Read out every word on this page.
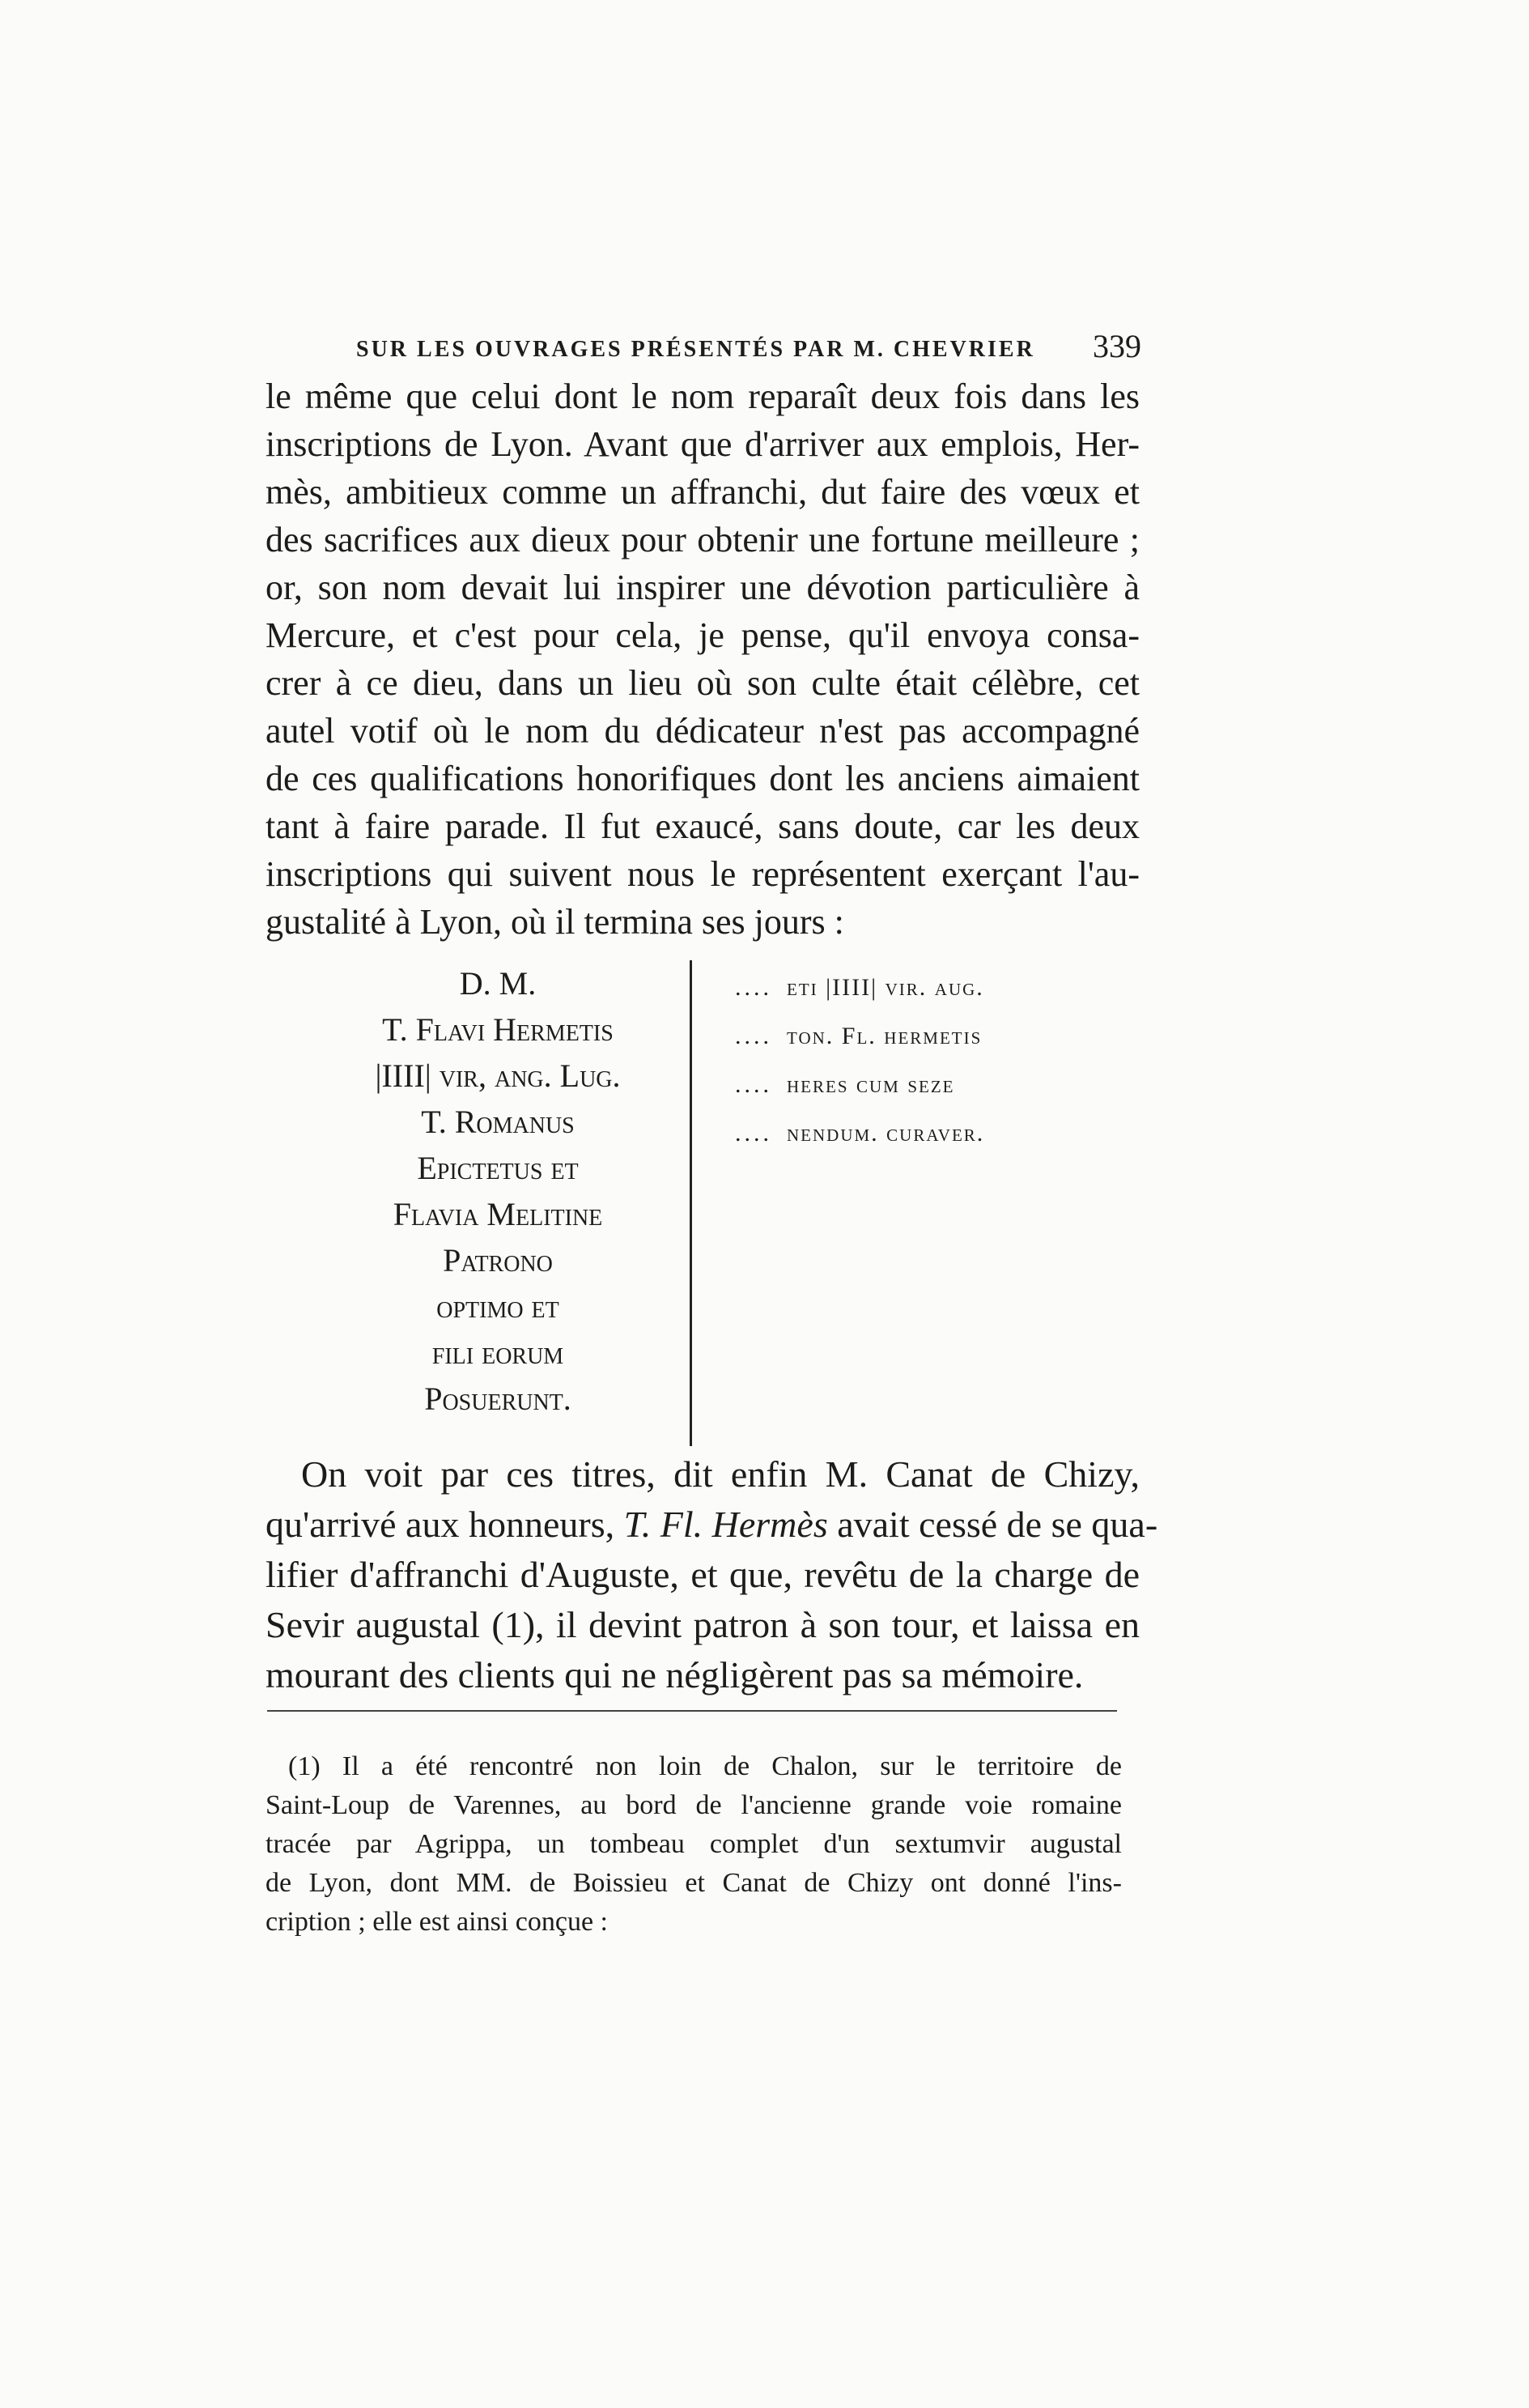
SUR LES OUVRAGES PRÉSENTÉS PAR M. CHEVRIER 339

le même que celui dont le nom reparaît deux fois dans les
inscriptions de Lyon. Avant que d'arriver aux emplois, Her-
mès, ambitieux comme un affranchi, dut faire des vœux et
des sacrifices aux dieux pour obtenir une fortune meilleure ;
or, son nom devait lui inspirer une dévotion particulière à
Mercure, et c'est pour cela, je pense, qu'il envoya consa-
crer à ce dieu, dans un lieu où son culte était célèbre, cet
autel votif où le nom du dédicateur n'est pas accompagné
de ces qualifications honorifiques dont les anciens aimaient
tant à faire parade. Il fut exaucé, sans doute, car les deux
inscriptions qui suivent nous le représentent exerçant l'au-
gustalité à Lyon, où il termina ses jours :

D. M.
T. Flavi Hermetis
|IIII| vir, ang. Lug.
T. Romanus
Epictetus et
Flavia Melitine
Patrono
optimo et
fili eorum
Posuerunt.
.... eti |IIII| vir. aug.
.... ton. Fl. hermetis
.... heres cum seze
.... nendum. curaver.

On voit par ces titres, dit enfin M. Canat de Chizy,
qu'arrivé aux honneurs, T. Fl. Hermès avait cessé de se qua-
lifier d'affranchi d'Auguste, et que, revêtu de la charge de
Sevir augustal (1), il devint patron à son tour, et laissa en
mourant des clients qui ne négligèrent pas sa mémoire.

(1) Il a été rencontré non loin de Chalon, sur le territoire de
Saint-Loup de Varennes, au bord de l'ancienne grande voie romaine
tracée par Agrippa, un tombeau complet d'un sextumvir augustal
de Lyon, dont MM. de Boissieu et Canat de Chizy ont donné l'ins-
cription ; elle est ainsi conçue :
